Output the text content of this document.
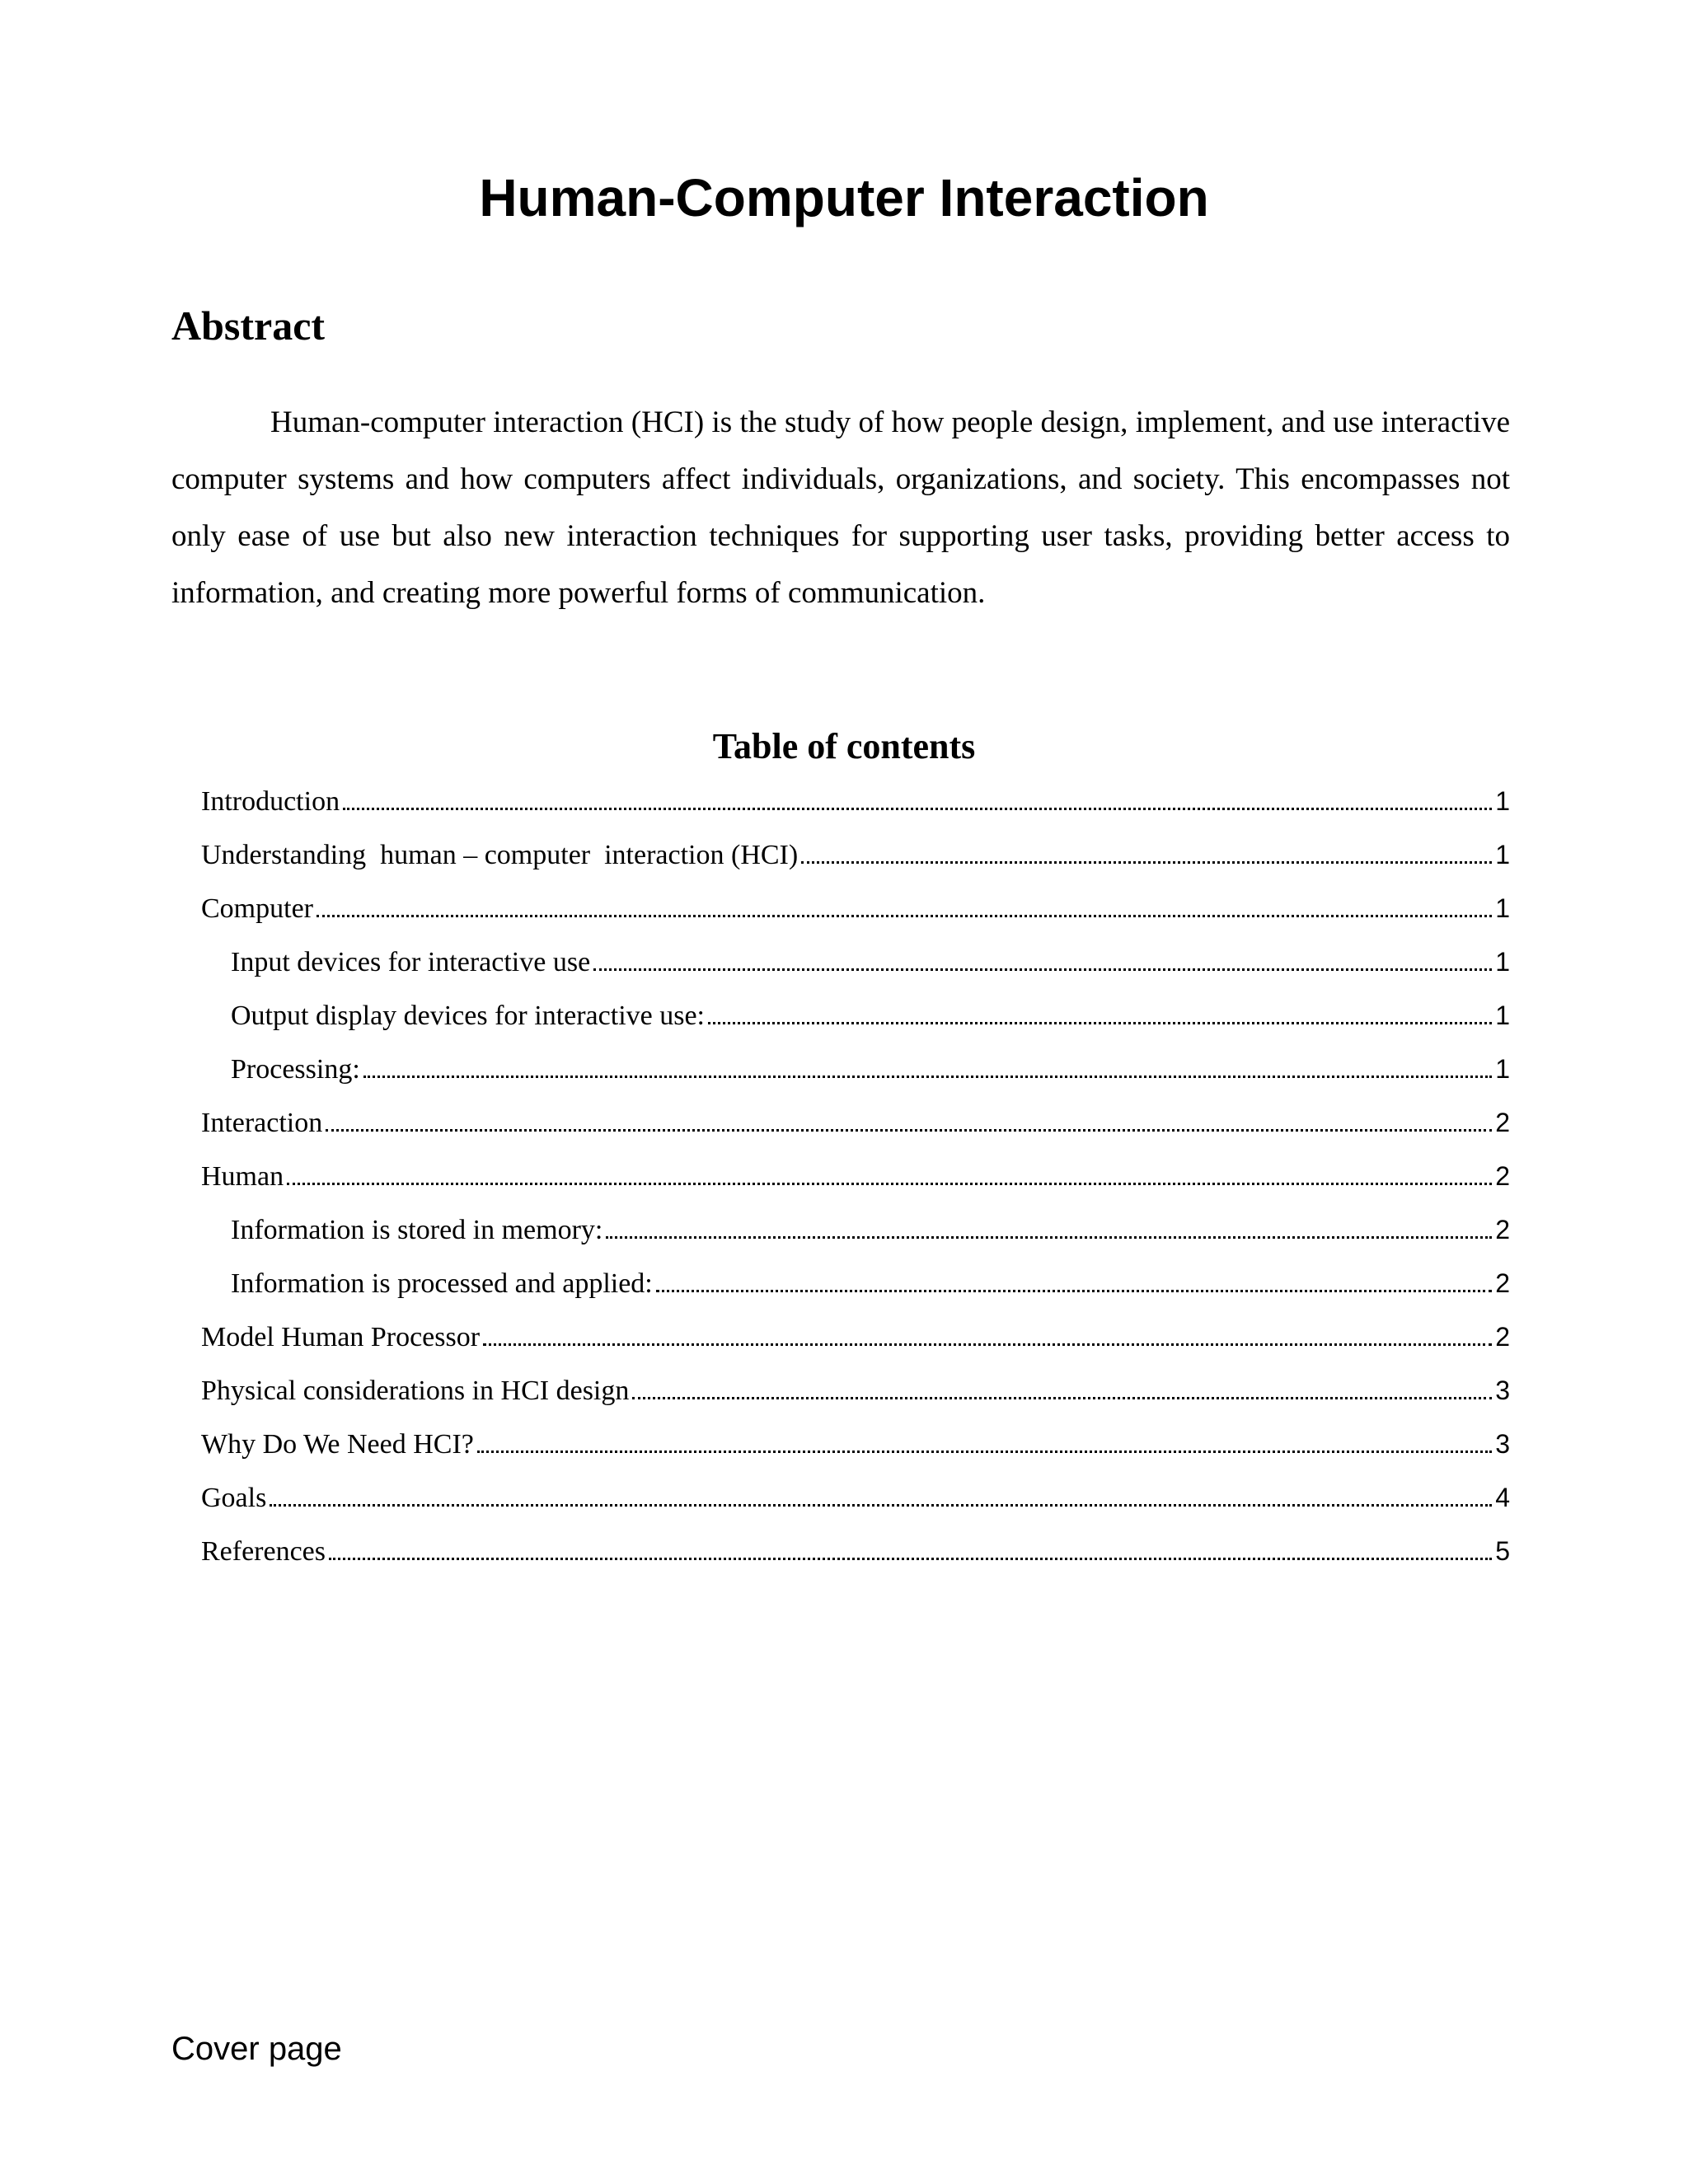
Human-Computer Interaction
Abstract

Human-computer interaction (HCI) is the study of how people design, implement, and use interactive computer systems and how computers affect individuals, organizations, and society. This encompasses not only ease of use but also new interaction techniques for supporting user tasks, providing better access to information, and creating more powerful forms of communication.

Table of contents
Introduction	1
Understanding  human – computer  interaction (HCI)	1
Computer	1
Input devices for interactive use	1
Output display devices for interactive use:	1
Processing:	1
Interaction	2
Human	2
Information is stored in memory:	2
Information is processed and applied:	2
Model Human Processor	2
Physical considerations in HCI design	3
Why Do We Need HCI?	3
Goals	4
References	5

Cover page
